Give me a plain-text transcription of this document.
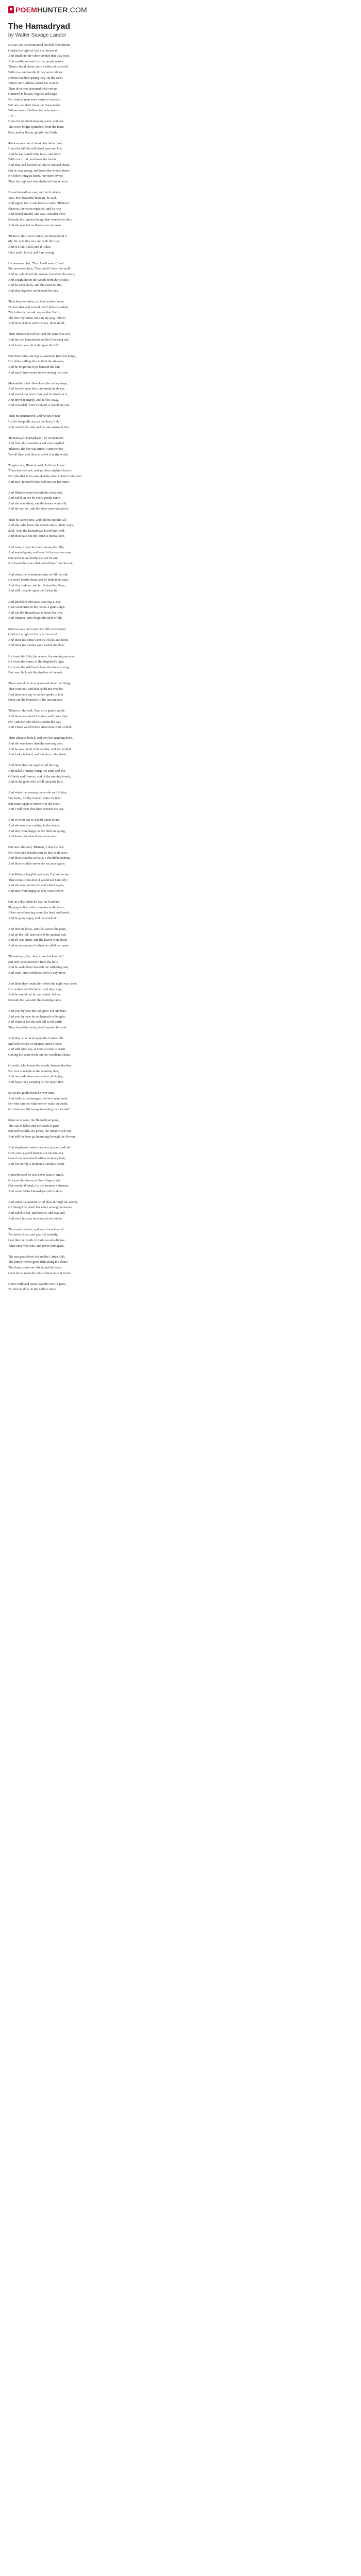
POEM HUNTER .COM
The Hamadryad
by Walter Savage Landor
RHAICOS was born amid the hills wherefrom
Gnidos the light of Caria is discern'd;
And small are the white-crested that play near,
And smaller onward are the purple waves.
Thence festal choirs were visible, all crown'd
With rose and myrtle if they were inborn;
If from Pandion sprang they, on the coast
Where stern Athene raised her citadel,
Then olive was intwined with violets
Cluster'd in bosses, regular and large.
For various men wore various coronals;
But one was their devotion: 'twas to her
Whose laws all follow, her who smiled
-- § --
Upon the hundred-heaving wave, and saw
The wave bright-sprinkled, from the foam
Rise, and in Beauty glorify the Earth.
Rhaicos was one of these; his father bred
Upon the hill the wild-bred goat and kid;
And he had watch'd the fawn, and dealt
With rustic toil; and knew the beech
And elm, and learn'd the rule of sun and shade.
But he was young, and loved the woods alone;
No holier thing he knew, nor more divine,
Than the high tree that sheltered him at noon.
He sat beneath an oak, and, in its shade,
Tree, how beautiful thou art, he said,
And sighed for it; and heard a voice: 'Rhaicos!'
Rhaicos, the voice repeated, and he rose
And look'd around, and saw a maiden there
Beneath the topmost bough that waved o'er him,
And she was fair as flowers are at dawn.
'Rhaicos, this tree is mine; the Hamadryad I;
My life is in this tree and with this tree;
And if it fall, I fall; and if it dies
I die; and it is old, and I am young.'
He answered her, 'Then I will save it;' and
She answered him, 'Then shall I love thee well.'
And he, who loved the woods, loved her the more,
And sought her in the woods from day to day;
And he came daily, and she came to him,
And they together sat beneath the oak.
'Hast thou no father, no kind mother, none
To love thee and to tend thee?' Rhaicos asked.
'My father is the oak, my mother Earth;
The dew my nurse, the sun my play-fellow;
And thou, if thou wilt love me, thou art all.'
Then Rhaicos loved her; and the wind was still,
And the bee hummed about the flowering ash,
And lovely was the light upon the hill.
But there came one day a summons from his home,
His father calling him to bind the sheaves,
And he forgot the tryst beneath the oak,
And stay'd from morn to eve among the corn.
Meanwhile a bee flew down the valley slope,
And hover'd near him, humming in his ear,
And would not leave him; and he struck at it,
And drove it angrily, and it flew away,
And wounded, from his hand, it found the oak.
Then he remember'd, and he ran in fear
Up the steep hill, across the dewy field,
And reach'd the oak; and no one answer'd him.
'Hamadryad! Hamadryad!' he cried aloud;
And from the branches a sad voice replied:
'Rhaicos, the bee was mine; I sent the bee
To call thee, and thou struck'st it in thy wrath.'
'Forgive me,' Rhaicos said; 'I did not know.'
'Thou knewest not, and yet thou mightest know;
For who that loves would strike what comes from love?
And now, farewell; thou wilt not see me more.'
And Rhaicos wept beneath the silent oak,
And call'd on her by every gentle name,
And she was silent, and the leaves were still,
And the sun set, and the stars came out above.
Then he went home, and told his mother all;
And she, who knew the woods and all their ways,
Said, 'Son, the Hamadryad loved thee well,
And thou hast lost her; such is mortal love.'
And many a year he lived among the hills,
And tended goats, and watch'd the seasons turn;
But never more beside the oak he sat,
Nor heard the voice that called him from the tree.
And when the woodmen came to fell the oak,
He stood beside them, and he bade them stay;
And they forbore, and left it standing there,
And still it stands upon the Carian hill.
And travellers who pass that way at eve
Hear sometimes in the leaves a gentle sigh,
And say the Hamadryad mourns her love,
And Rhaicos, who forgot the tryst of old.
Rhaicos was born amid the hills wherefrom
Gnidos the light of Caria is discern'd;
And there his father kept the flocks and herds,
And there his mother spun beside the door.
He loved the hills, the woods, the running streams;
He loved the music of the shepherd's pipe;
He loved the wild bee's hum, the linnet's song;
But most he loved the shadow of the oak.
There would he lie at noon and dream of things
That were not, and that could not ever be;
And there one day a maiden spoke to him
From out the branches of the ancient tree.
'Rhaicos,' she said, 'thou art a gentle youth,
And thou hast loved this tree, and I love thee;
For I am she who dwells within the oak,
And I have watch'd thee since thou wert a child.'
Then Rhaicos look'd, and saw her standing there,
And she was fairer than the morning star;
And he was dumb with wonder, and she smiled,
And took his hand, and led him to the shade.
And there they sat together all the day,
And talk'd of many things, of earth and sky,
Of birds and flowers, and of the running brook,
And of the gods who dwell upon the hills.
And when the evening came she said to him,
'Go home, for thy mother waits for thee;
But come again to-morrow at the noon,
And I will meet thee here beneath the oak.'
And so from day to day he came to her,
And she was ever waiting in the shade;
And they were happy as the birds in spring,
And knew not what it was to be apart.
But once she said, 'Rhaicos, I fear the bee;
For if the bee should come to thee with news,
And thou shouldst strike it, I should be undone,
And thou wouldst never see my face again.'
And Rhaicos laugh'd, and said, 'I strike no bee
That comes from thee; I would not hurt a fly',
And she was comforted, and smiled again,
And they were happy as they were before.
But on a day when he was far from her,
Playing at dice with comrades in the town,
A bee came buzzing round his head and hands,
And he grew angry, and he struck at it.
And then he knew, and fled across the plain,
And up the hill, and reach'd the ancient oak;
And all was silent, and the leaves were dead,
And no one answer'd when he call'd her name.
'Hamadryad,' he cried, 'come back to me!'
But only echo answer'd from the hills;
And he sank down beneath the withering oak,
And wept, and would not leave it any more.
And there they found him when the night was come,
His mother and his father, and they wept;
And he would not be comforted, but sat
Beneath the oak until the morning came.
And year by year the oak grew old and bare,
And year by year he sat beneath its boughs;
And when at last the oak fell to the earth,
They found him lying dead beneath its roots.
And they who dwell upon the Carian hills
Still tell the tale of Rhaicos and his love;
And still, they say, at noon a voice is heard
Calling his name from out the woodland shade.
O youth, who lovest the woods, beware the bee;
For love is fragile as the morning dew,
And one rash blow may shatter all its joy,
And leave thee weeping by the fallen tree.
So let the gentle heart be ever kind,
And strike no messenger that love may send;
For who can tell what sorrow waits on wrath,
Or what dear life hangs trembling on a thread?
Rhaicos is gone, the Hamadryad gone,
The oak is fallen and the shade is past;
But still the hills are green, the streams still run,
And still the bees go humming through the flowers.
And shepherds, when they rest at noon, will tell
How once a youth beneath an ancient oak
Loved one who dwelt within its hoary bark,
And lost her by a moment's careless wrath.
Henceforward he was never seen to smile,
Nor join the dances of the village youth;
But wander'd lonely by the mountain streams,
And mourn'd the Hamadryad all his days.
And when the autumn wind blew through the woods,
He thought he heard her voice among the leaves,
And call'd to her, and listen'd, and was still,
And went his way in silence to his home.
Thus ends the tale; and may it teach us all
To cherish love, and guard it tenderly,
Lest like the youth of Caria we should lose
What once was ours, and never find again.
The sun goes down behind the Carian hills,
The purple waves grow dark along the shore;
The festal choirs are silent, and the stars
Look down upon the place where once it stood.
Hence milk and honey wonder not, O guest,
To find set duly on the hollow stone.
